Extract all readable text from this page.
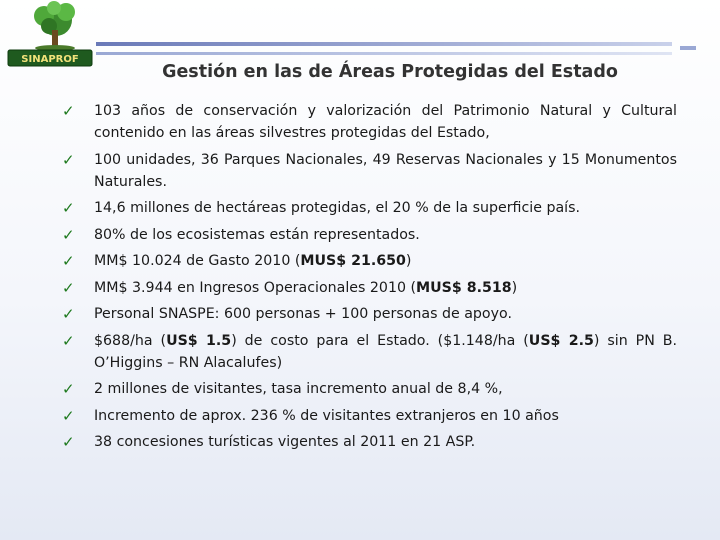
SINAPROF
Gestión en las de Áreas Protegidas del Estado
✓	103 años de conservación y valorización del Patrimonio Natural y Cultural contenido en las áreas silvestres protegidas del Estado,
✓	100 unidades, 36 Parques Nacionales, 49 Reservas Nacionales y 15 Monumentos Naturales.
✓	14,6 millones de hectáreas protegidas, el 20 % de la superficie país.
✓	80% de los ecosistemas están representados.
✓	MM$ 10.024 de Gasto 2010 (MUS$ 21.650)
✓	MM$ 3.944 en Ingresos Operacionales 2010 (MUS$ 8.518)
✓	Personal SNASPE: 600 personas + 100 personas de apoyo.
✓	$688/ha (US$ 1.5) de costo para el Estado. ($1.148/ha (US$ 2.5) sin PN B. O’Higgins – RN Alacalufes)
✓	2 millones de visitantes, tasa incremento anual de 8,4 %,
✓	Incremento de aprox. 236 % de visitantes extranjeros en 10 años
✓	38 concesiones turísticas vigentes al 2011 en 21 ASP.
